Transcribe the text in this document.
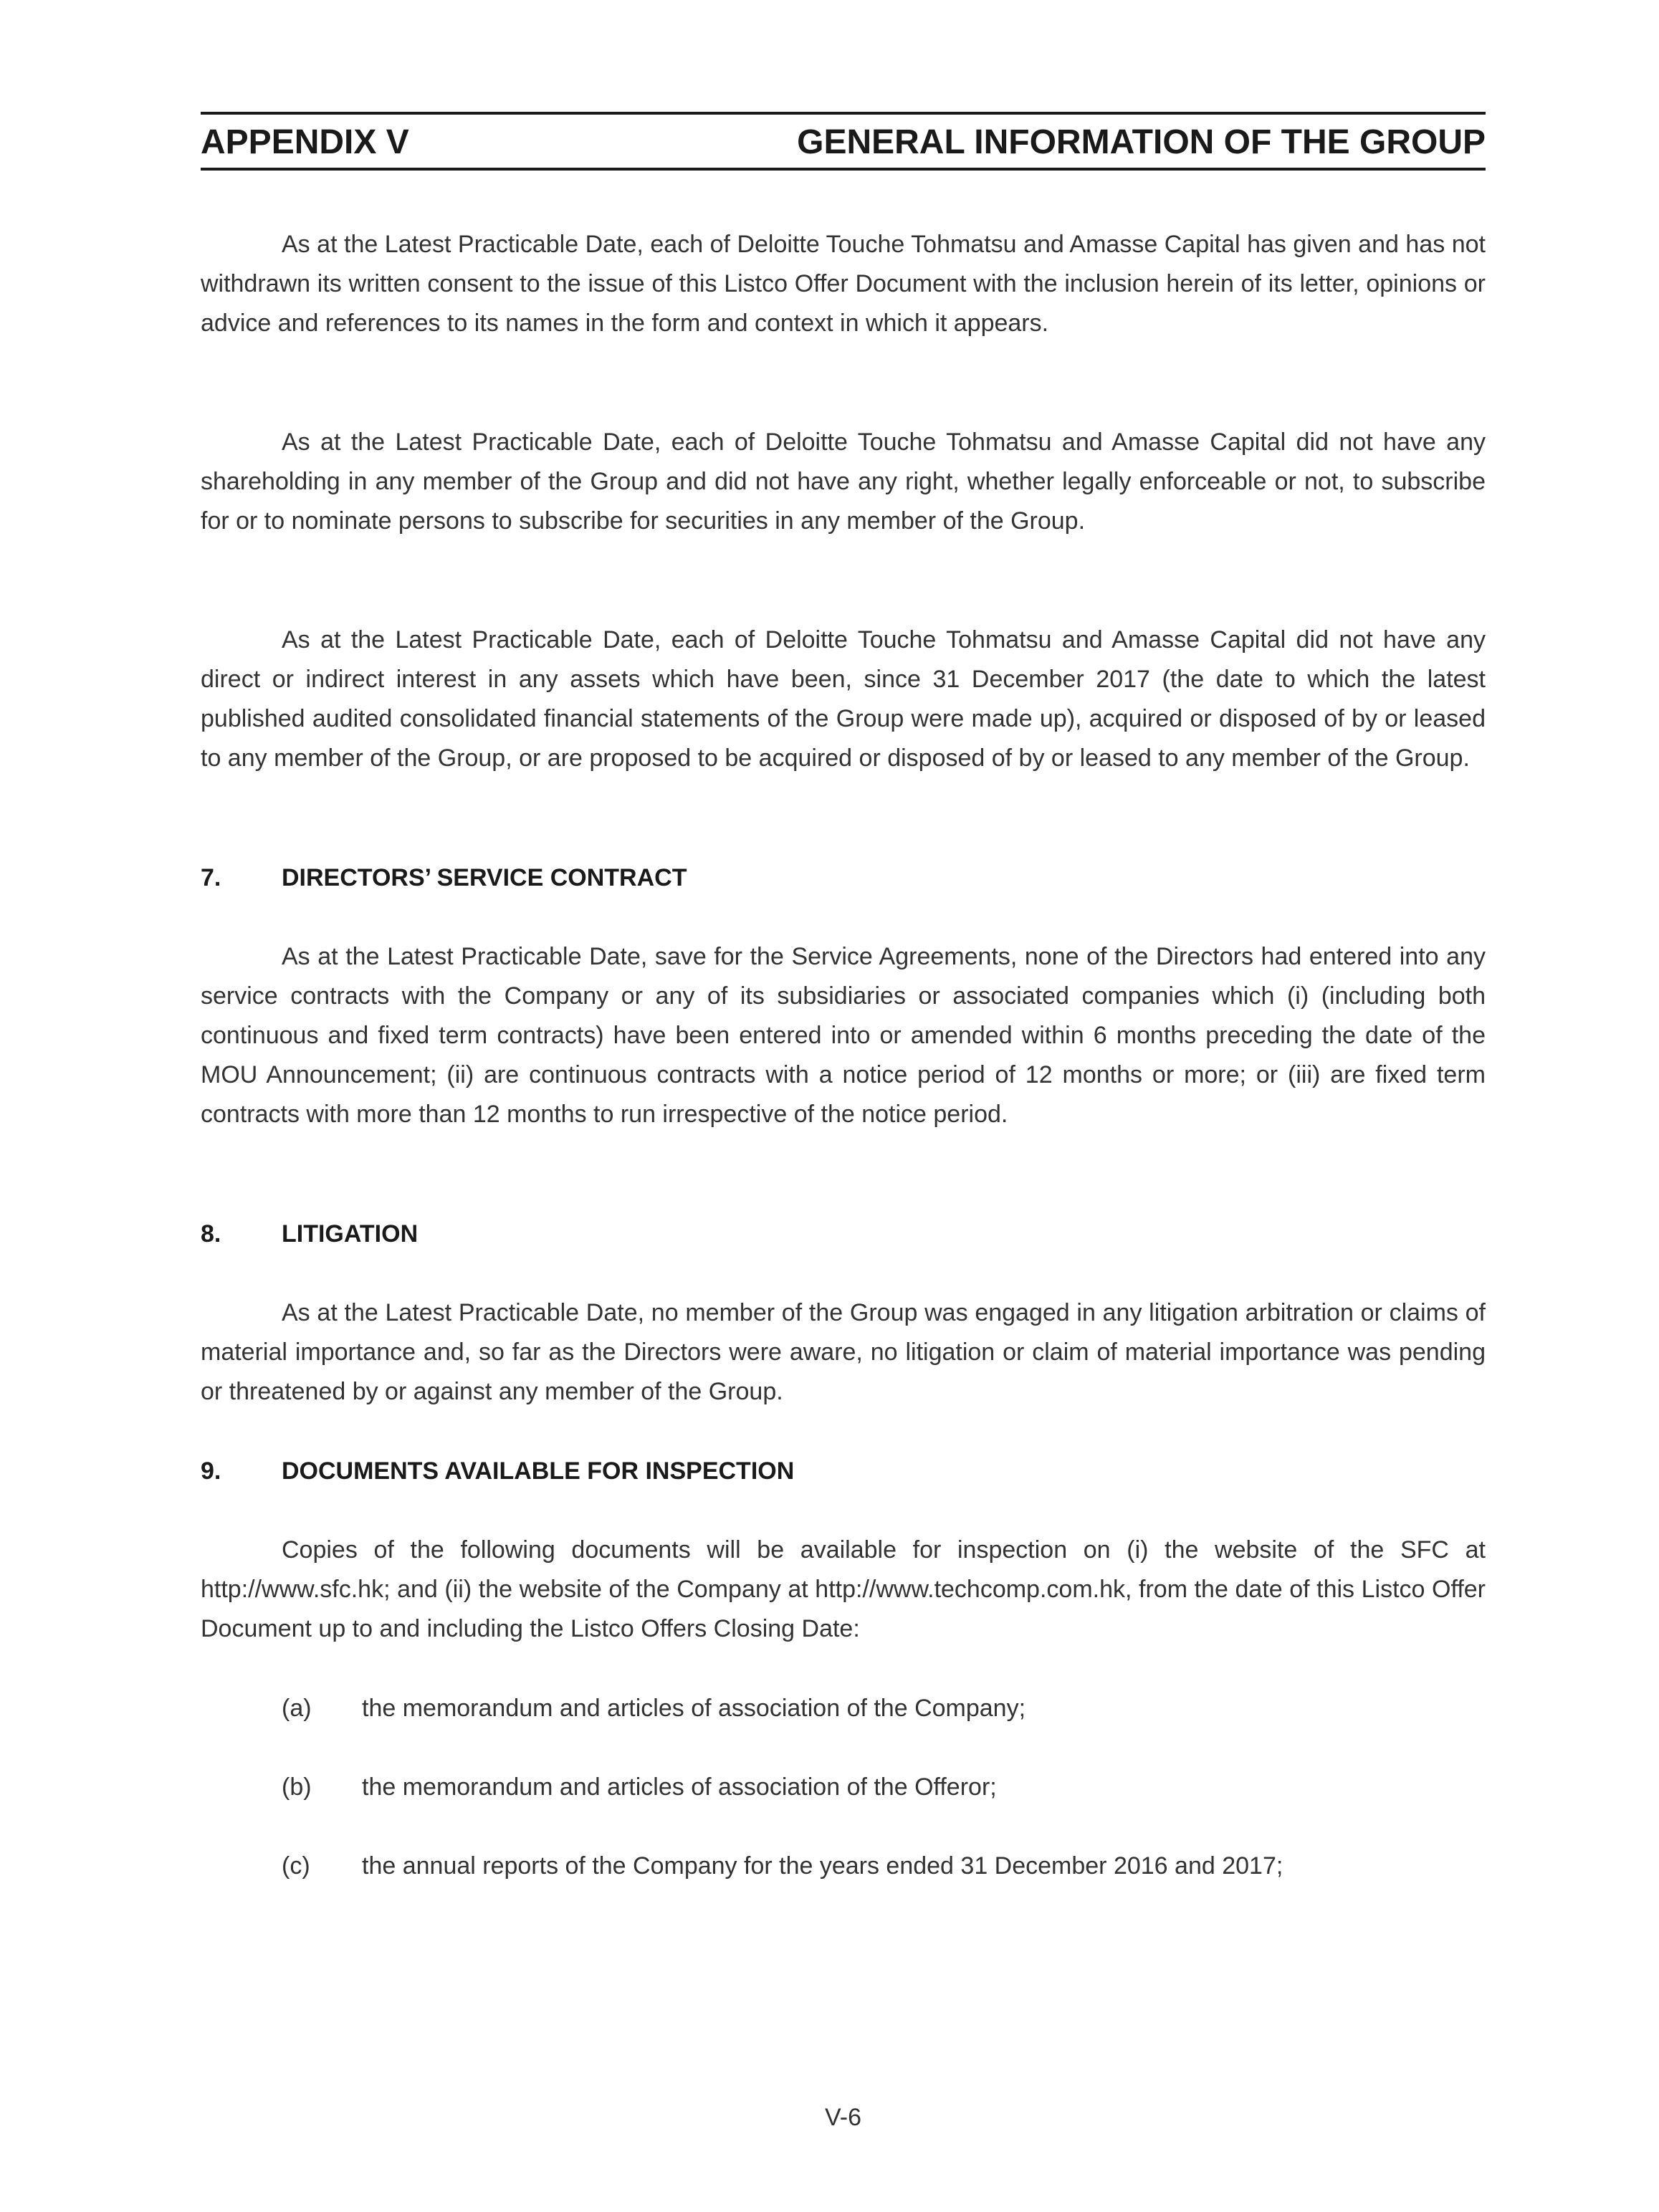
APPENDIX V	GENERAL INFORMATION OF THE GROUP

As at the Latest Practicable Date, each of Deloitte Touche Tohmatsu and Amasse Capital has given and has not withdrawn its written consent to the issue of this Listco Offer Document with the inclusion herein of its letter, opinions or advice and references to its names in the form and context in which it appears.

As at the Latest Practicable Date, each of Deloitte Touche Tohmatsu and Amasse Capital did not have any shareholding in any member of the Group and did not have any right, whether legally enforceable or not, to subscribe for or to nominate persons to subscribe for securities in any member of the Group.

As at the Latest Practicable Date, each of Deloitte Touche Tohmatsu and Amasse Capital did not have any direct or indirect interest in any assets which have been, since 31 December 2017 (the date to which the latest published audited consolidated financial statements of the Group were made up), acquired or disposed of by or leased to any member of the Group, or are proposed to be acquired or disposed of by or leased to any member of the Group.

7. DIRECTORS’ SERVICE CONTRACT

As at the Latest Practicable Date, save for the Service Agreements, none of the Directors had entered into any service contracts with the Company or any of its subsidiaries or associated companies which (i) (including both continuous and fixed term contracts) have been entered into or amended within 6 months preceding the date of the MOU Announcement; (ii) are continuous contracts with a notice period of 12 months or more; or (iii) are fixed term contracts with more than 12 months to run irrespective of the notice period.

8. LITIGATION

As at the Latest Practicable Date, no member of the Group was engaged in any litigation arbitration or claims of material importance and, so far as the Directors were aware, no litigation or claim of material importance was pending or threatened by or against any member of the Group.

9. DOCUMENTS AVAILABLE FOR INSPECTION

Copies of the following documents will be available for inspection on (i) the website of the SFC at http://www.sfc.hk; and (ii) the website of the Company at http://www.techcomp.com.hk, from the date of this Listco Offer Document up to and including the Listco Offers Closing Date:

(a) the memorandum and articles of association of the Company;
(b) the memorandum and articles of association of the Offeror;
(c) the annual reports of the Company for the years ended 31 December 2016 and 2017;
V-6
